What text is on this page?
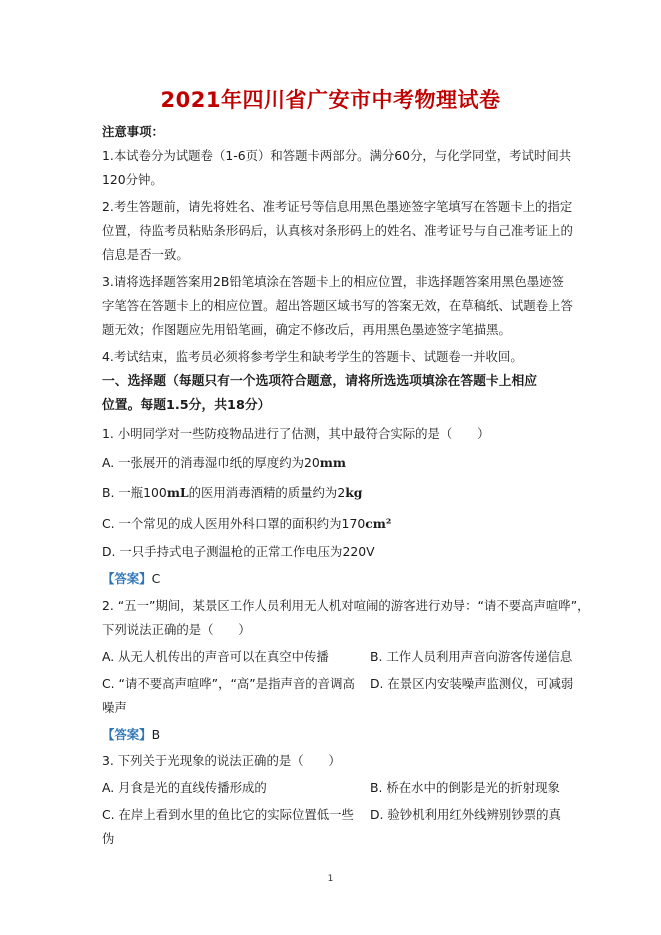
2021年四川省广安市中考物理试卷
注意事项：
1.本试卷分为试题卷（1-6页）和答题卡两部分。满分60分，与化学同堂，考试时间共
120分钟。
2.考生答题前，请先将姓名、准考证号等信息用黑色墨迹签字笔填写在答题卡上的指定
位置，待监考员粘贴条形码后，认真核对条形码上的姓名、准考证号与自己准考证上的
信息是否一致。
3.请将选择题答案用2B铅笔填涂在答题卡上的相应位置，非选择题答案用黑色墨迹签
字笔答在答题卡上的相应位置。超出答题区域书写的答案无效，在草稿纸、试题卷上答
题无效；作图题应先用铅笔画，确定不修改后，再用黑色墨迹签字笔描黑。
4.考试结束，监考员必须将参考学生和缺考学生的答题卡、试题卷一并收回。
一、选择题（每题只有一个选项符合题意，请将所选选项填涂在答题卡上相应
位置。每题1.5分，共18分）
1. 小明同学对一些防疫物品进行了估测，其中最符合实际的是（　　）
A. 一张展开的消毒湿巾纸的厚度约为20mm
B. 一瓶100mL的医用消毒酒精的质量约为2kg
C. 一个常见的成人医用外科口罩的面积约为170cm²
D. 一只手持式电子测温枪的正常工作电压为220V
【答案】C
2. “五一”期间，某景区工作人员利用无人机对喧闹的游客进行劝导：“请不要高声喧哗”，
下列说法正确的是（　　）
A. 从无人机传出的声音可以在真空中传播	B. 工作人员利用声音向游客传递信息
C. “请不要高声喧哗”，“高”是指声音的音调高 D. 在景区内安装噪声监测仪，可减弱
噪声
【答案】B
3. 下列关于光现象的说法正确的是（　　）
A. 月食是光的直线传播形成的	B. 桥在水中的倒影是光的折射现象
C. 在岸上看到水里的鱼比它的实际位置低一些 D. 验钞机利用红外线辨别钞票的真
伪
1
